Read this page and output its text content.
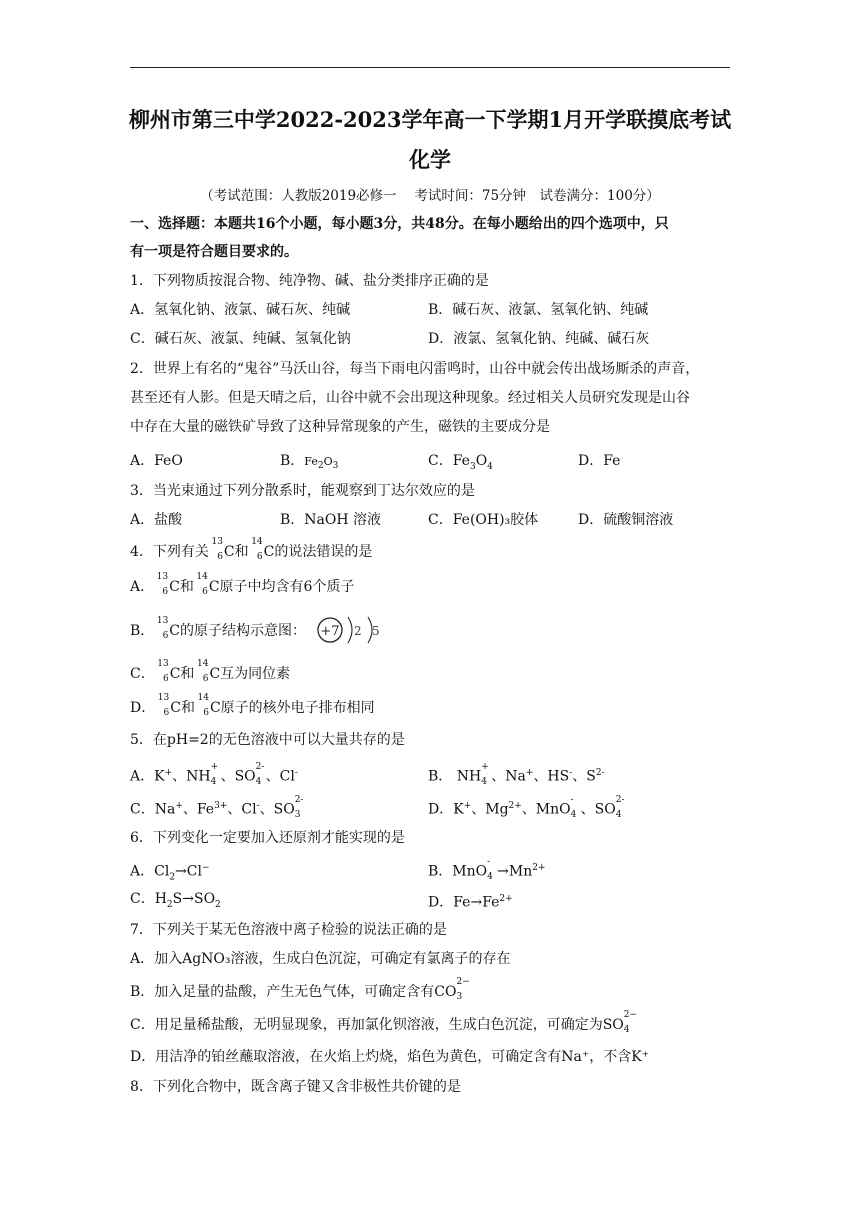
柳州市第三中学2022-2023学年高一下学期1月开学联摸底考试
化学
（考试范围：人教版2019必修一　 考试时间：75分钟　试卷满分：100分）
一、选择题：本题共16个小题，每小题3分，共48分。在每小题给出的四个选项中，只
有一项是符合题目要求的。
1．下列物质按混合物、纯净物、碱、盐分类排序正确的是
A．氢氧化钠、液氯、碱石灰、纯碱	B．碱石灰、液氯、氢氧化钠、纯碱
C．碱石灰、液氯、纯碱、氢氧化钠	D．液氯、氢氧化钠、纯碱、碱石灰
2．世界上有名的“鬼谷”马沃山谷，每当下雨电闪雷鸣时，山谷中就会传出战场厮杀的声音，
甚至还有人影。但是天晴之后，山谷中就不会出现这种现象。经过相关人员研究发现是山谷
中存在大量的磁铁矿导致了这种异常现象的产生，磁铁的主要成分是
A．FeO	B．$Fe_2O_3$	C．$Fe_3O_4$	D．Fe
3．当光束通过下列分散系时，能观察到丁达尔效应的是
A．盐酸	B．NaOH 溶液	C．Fe(OH)₃胶体	D．硫酸铜溶液
4．下列有关
13
6 C和
14
6 C的说法错误的是
A．
13
6 C和
14
6 C原子中均含有6个质子
B．
13
6 C的原子结构示意图： +7 2 5
C．
13
6 C和
14
6 C互为同位素
D．
13
6 C和
14
6 C原子的核外电子排布相同
5．在pH=2的无色溶液中可以大量共存的是
A．K+、NH
+
4 、SO
2-
4 、Cl-	B． NH
+
4 、Na+、HS-、$S^{2-}$
C．Na+、$Fe^{3+}$、Cl-、SO
2-
3	D．K+、$Mg^{2+}$、MnO
-
4 、SO
2-
4
6．下列变化一定要加入还原剂才能实现的是
A．$Cl_2\to Cl^-$	B．MnO
-
$4 \to Mn^{2+}$
C．$H_2S\to SO_2$	D．$Fe\to Fe^{2+}$
7．下列关于某无色溶液中离子检验的说法正确的是
A．加入AgNO₃溶液，生成白色沉淀，可确定有氯离子的存在
B．加入足量的盐酸，产生无色气体，可确定含有CO
2−
3
C．用足量稀盐酸，无明显现象，再加氯化钡溶液，生成白色沉淀，可确定为SO
2−
4
D．用洁净的铂丝蘸取溶液，在火焰上灼烧，焰色为黄色，可确定含有Na⁺，不含K⁺
8．下列化合物中，既含离子键又含非极性共价键的是
